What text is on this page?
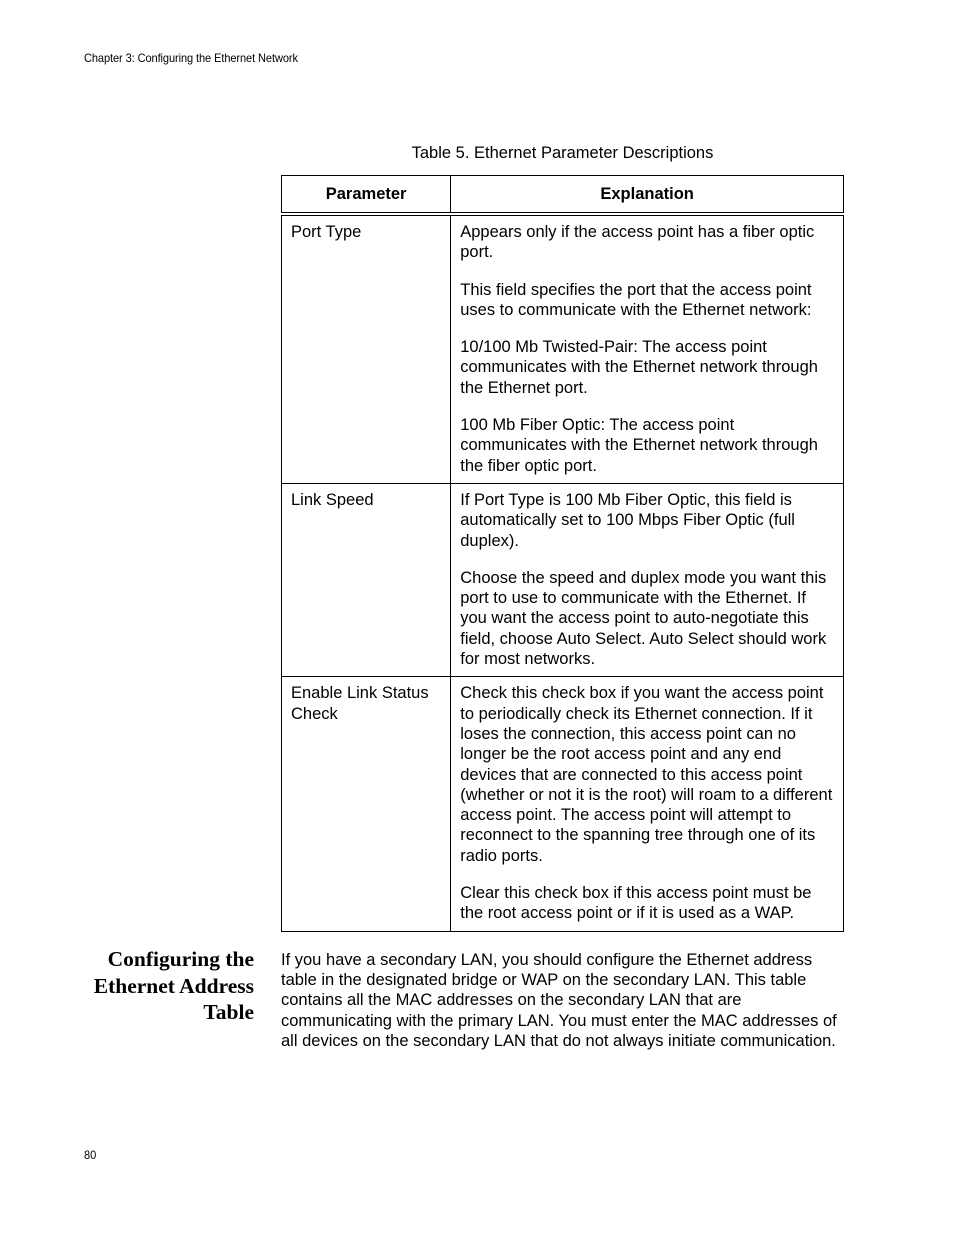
Chapter 3: Configuring the Ethernet Network
Table 5. Ethernet Parameter Descriptions
Parameter	Explanation
Port Type	Appears only if the access point has a fiber optic port.

This field specifies the port that the access point uses to communicate with the Ethernet network:

10/100 Mb Twisted-Pair: The access point communicates with the Ethernet network through the Ethernet port.

100 Mb Fiber Optic: The access point communicates with the Ethernet network through the fiber optic port.

Link Speed	If Port Type is 100 Mb Fiber Optic, this field is automatically set to 100 Mbps Fiber Optic (full duplex).

Choose the speed and duplex mode you want this port to use to communicate with the Ethernet. If you want the access point to auto-negotiate this field, choose Auto Select. Auto Select should work for most networks.

Enable Link Status Check	Check this check box if you want the access point to periodically check its Ethernet connection. If it loses the connection, this access point can no longer be the root access point and any end devices that are connected to this access point (whether or not it is the root) will roam to a different access point. The access point will attempt to reconnect to the spanning tree through one of its radio ports.

Clear this check box if this access point must be the root access point or if it is used as a WAP.

Configuring the Ethernet Address Table
If you have a secondary LAN, you should configure the Ethernet address table in the designated bridge or WAP on the secondary LAN. This table contains all the MAC addresses on the secondary LAN that are communicating with the primary LAN. You must enter the MAC addresses of all devices on the secondary LAN that do not always initiate communication.
80
